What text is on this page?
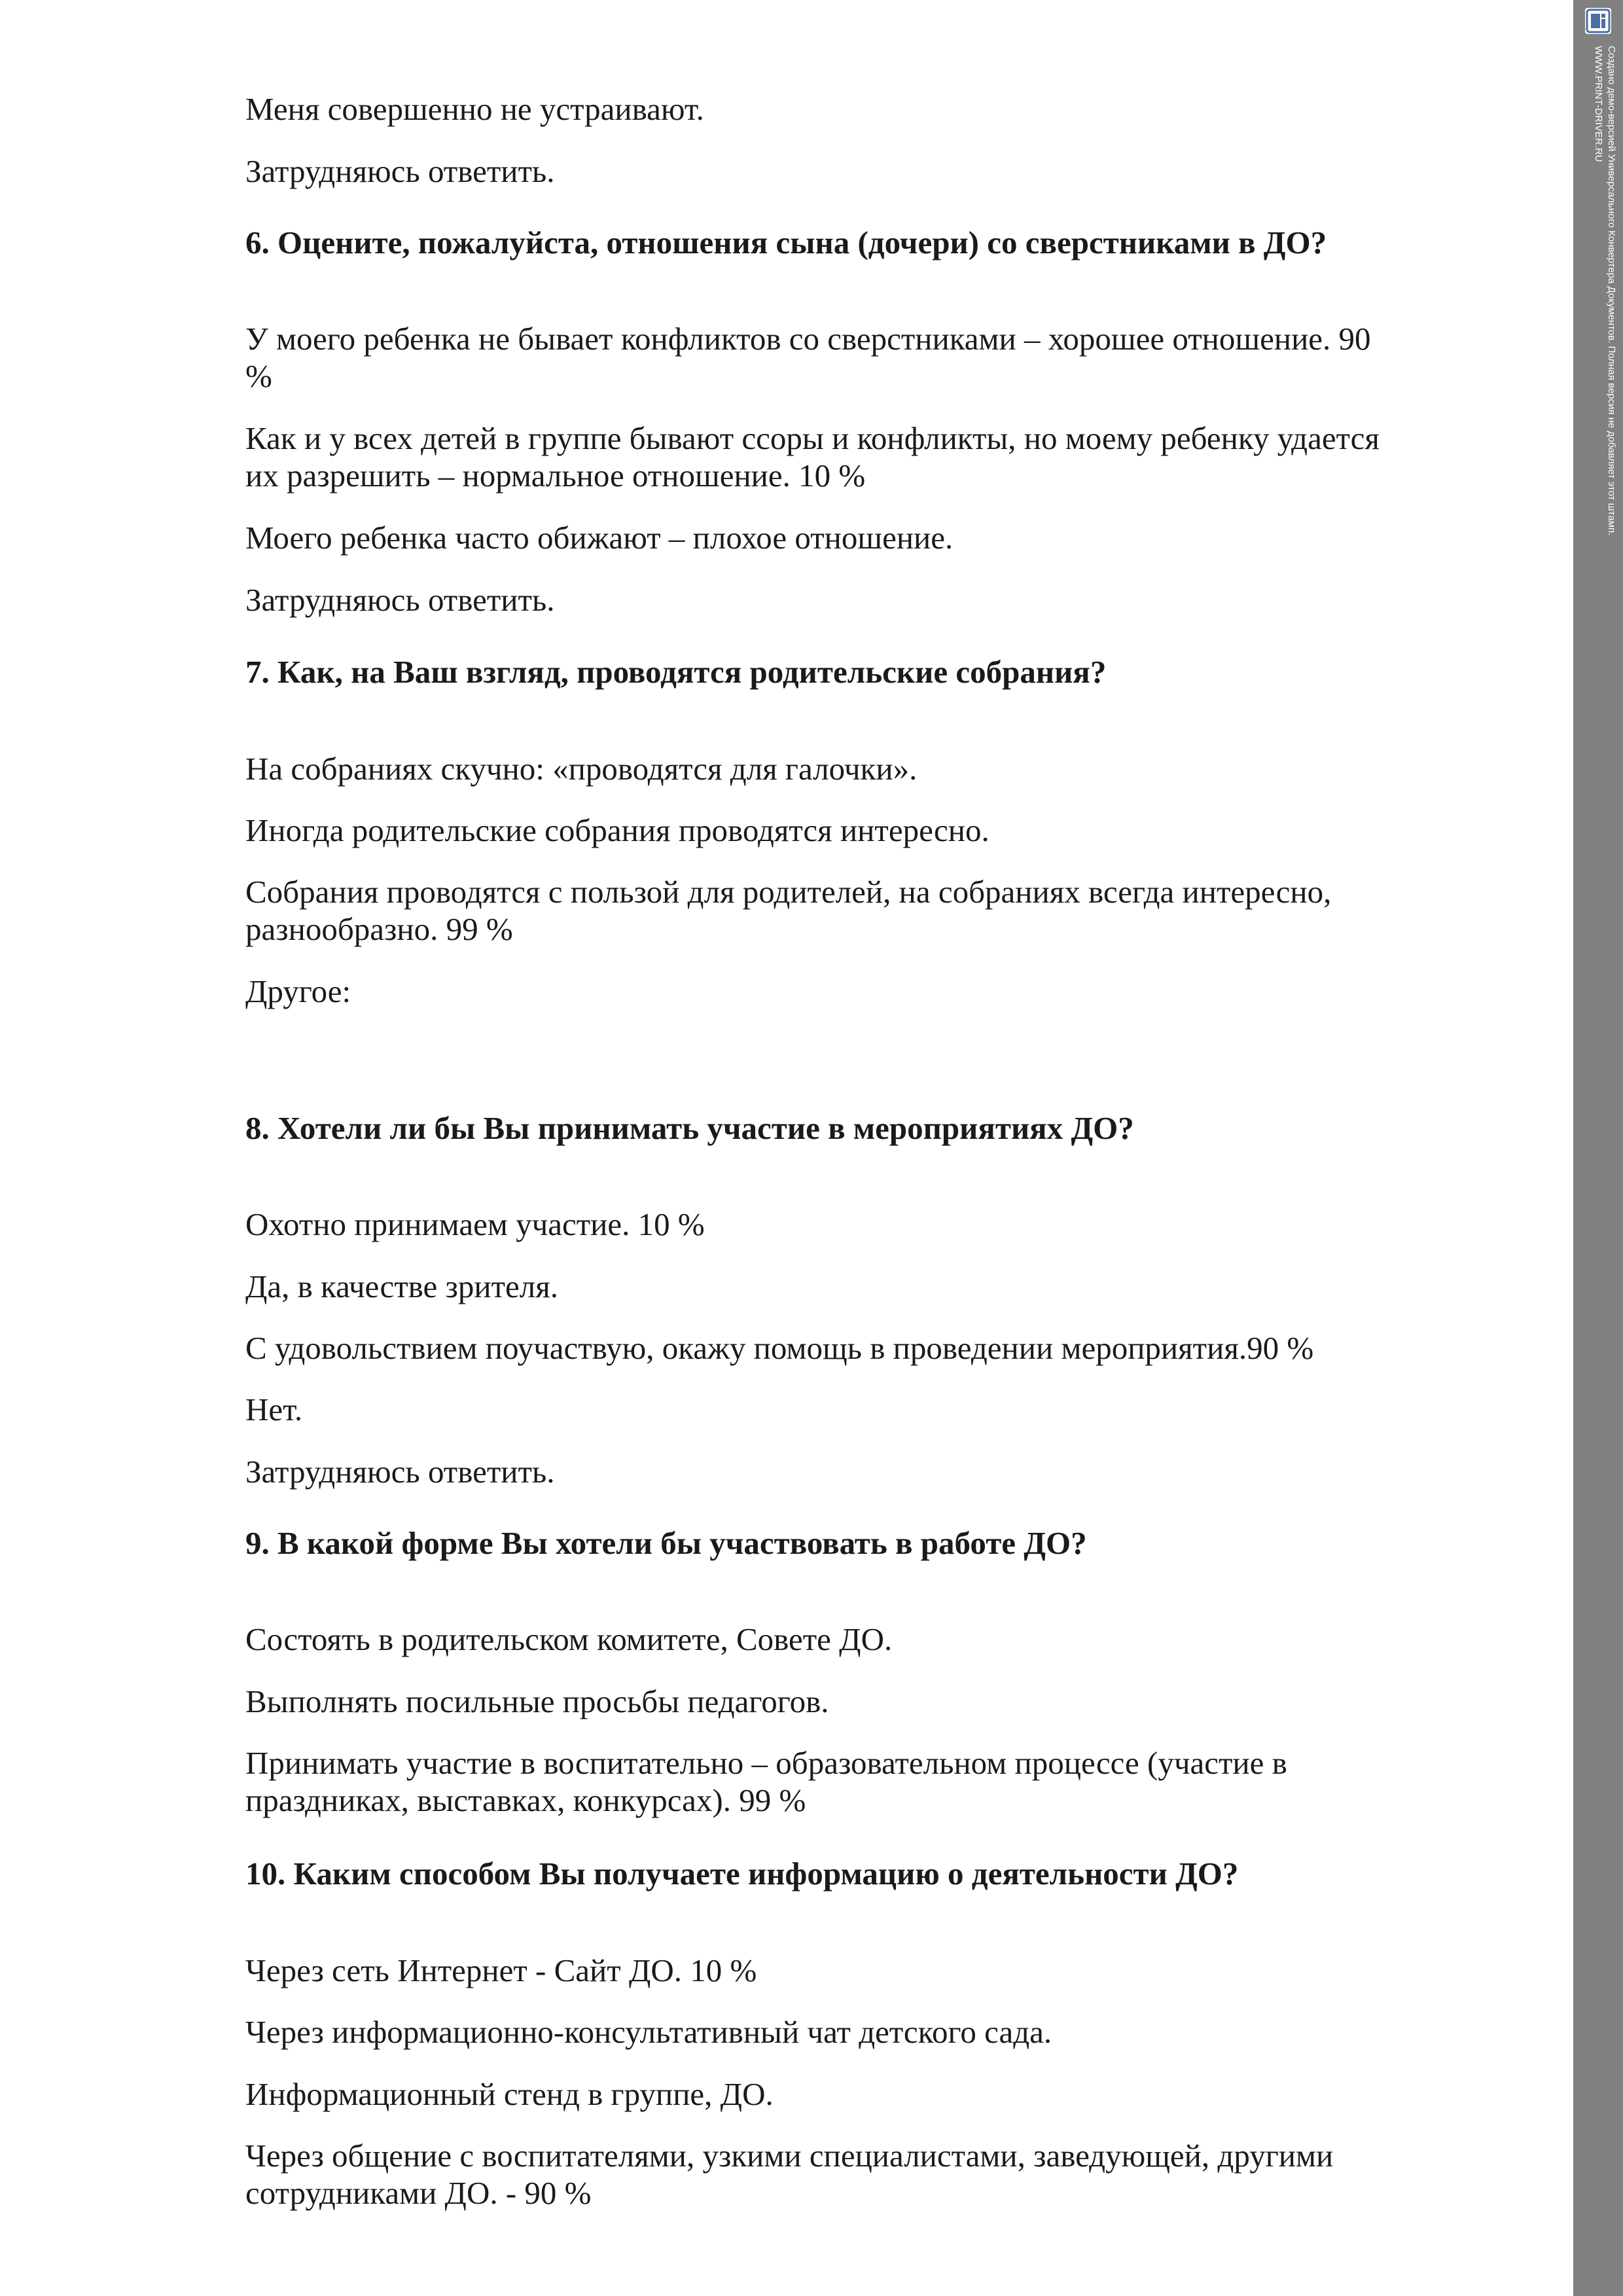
Меня совершенно не устраивают.

Затрудняюсь ответить.

6. Оцените, пожалуйста, отношения сына (дочери) со сверстниками в ДО?

У моего ребенка не бывает конфликтов со сверстниками – хорошее отношение. 90 %

Как и у всех детей в группе бывают ссоры и конфликты, но моему ребенку удается их разрешить – нормальное отношение. 10 %

Моего ребенка часто обижают – плохое отношение.

Затрудняюсь ответить.

7. Как, на Ваш взгляд, проводятся родительские собрания?

На собраниях скучно: «проводятся для галочки».

Иногда родительские собрания проводятся интересно.

Собрания проводятся с пользой для родителей, на собраниях всегда интересно, разнообразно. 99 %

Другое:

8. Хотели ли бы Вы принимать участие в мероприятиях ДО?

Охотно принимаем участие. 10 %

Да, в качестве зрителя.

С удовольствием поучаствую, окажу помощь в проведении мероприятия.90 %

Нет.

Затрудняюсь ответить.

9. В какой форме Вы хотели бы участвовать в работе ДО?

Состоять в родительском комитете, Совете ДО.

Выполнять посильные просьбы педагогов.

Принимать участие в воспитательно – образовательном процессе (участие в праздниках, выставках, конкурсах). 99 %

10. Каким способом Вы получаете информацию о деятельности ДО?

Через сеть Интернет - Сайт ДО. 10 %

Через информационно-консультативный чат детского сада.

Информационный стенд в группе, ДО.

Через общение с воспитателями, узкими специалистами, заведующей, другими сотрудниками ДО. - 90 %

Создано демо-версией Универсального Конвертера Документов. Полная версия не добавляет этот штамп.
WWW.PRINT-DRIVER.RU
